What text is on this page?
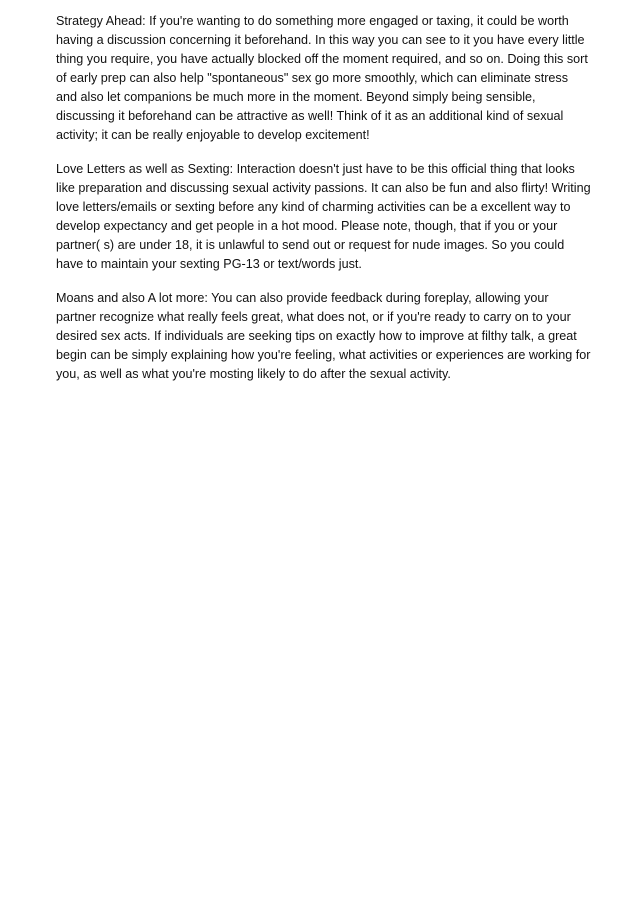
Strategy Ahead: If you're wanting to do something more engaged or taxing, it could be worth having a discussion concerning it beforehand. In this way you can see to it you have every little thing you require, you have actually blocked off the moment required, and so on. Doing this sort of early prep can also help "spontaneous" sex go more smoothly, which can eliminate stress and also let companions be much more in the moment. Beyond simply being sensible, discussing it beforehand can be attractive as well! Think of it as an additional kind of sexual activity; it can be really enjoyable to develop excitement!

Love Letters as well as Sexting: Interaction doesn't just have to be this official thing that looks like preparation and discussing sexual activity passions. It can also be fun and also flirty! Writing love letters/emails or sexting before any kind of charming activities can be a excellent way to develop expectancy and get people in a hot mood. Please note, though, that if you or your partner( s) are under 18, it is unlawful to send out or request for nude images. So you could have to maintain your sexting PG-13 or text/words just.

Moans and also A lot more: You can also provide feedback during foreplay, allowing your partner recognize what really feels great, what does not, or if you're ready to carry on to your desired sex acts. If individuals are seeking tips on exactly how to improve at filthy talk, a great begin can be simply explaining how you're feeling, what activities or experiences are working for you, as well as what you're mosting likely to do after the sexual activity.
